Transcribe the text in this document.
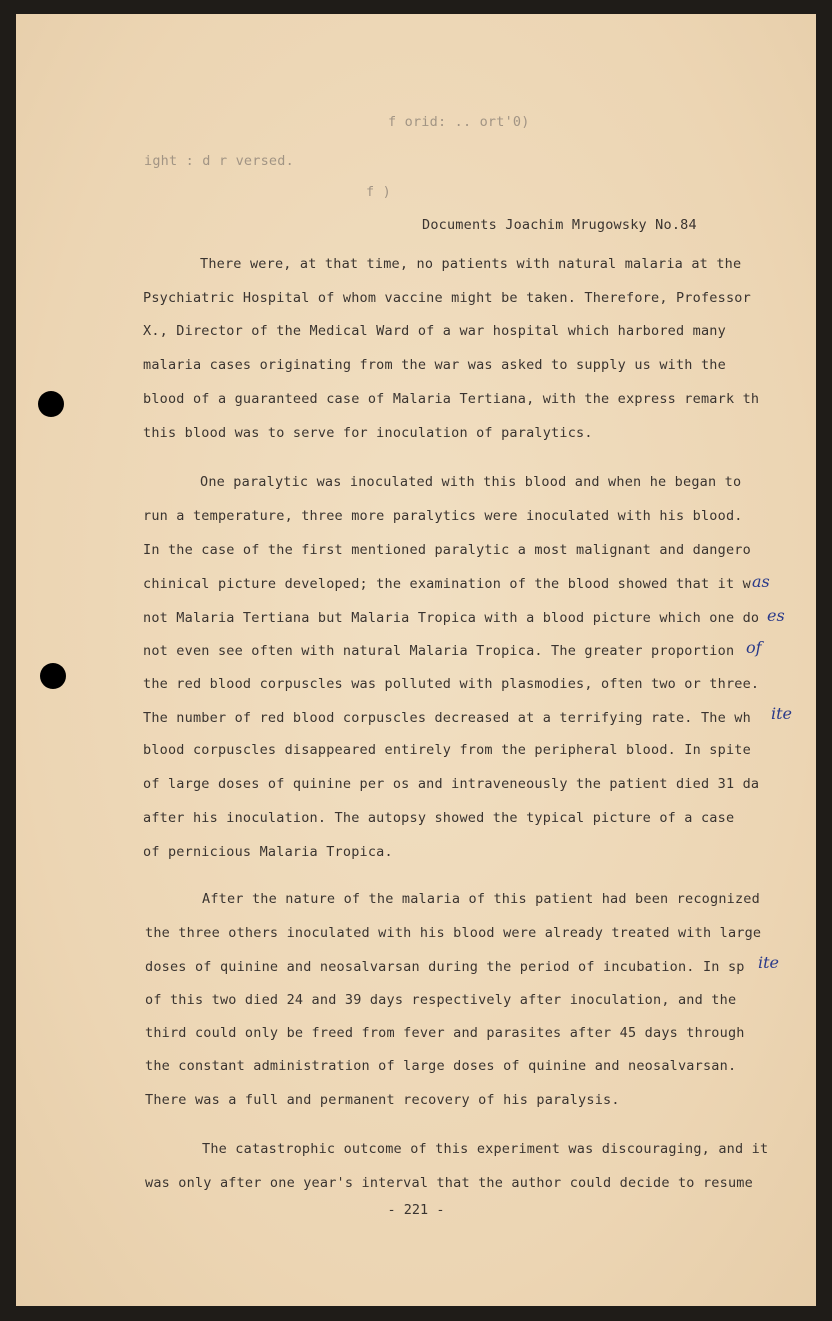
f orid: .. ort'0)
ight : d r versed.
f )
Documents Joachim Mrugowsky No.84
There were, at that time, no patients with natural malaria at the
Psychiatric Hospital of whom vaccine might be taken. Therefore, Professor
X., Director of the Medical Ward of a war hospital which harbored many
malaria cases originating from the war was asked to supply us with the
blood of a guaranteed case of Malaria Tertiana, with the express remark th
this blood was to serve for inoculation of paralytics.
One paralytic was inoculated with this blood and when he began to
run a temperature, three more paralytics were inoculated with his blood.
In the case of the first mentioned paralytic a most malignant and dangero
chinical picture developed; the examination of the blood showed that it w as
not Malaria Tertiana but Malaria Tropica with a blood picture which one do es
not even see often with natural Malaria Tropica. The greater proportion of
the red blood corpuscles was polluted with plasmodies, often two or three.
The number of red blood corpuscles decreased at a terrifying rate. The wh ite
blood corpuscles disappeared entirely from the peripheral blood. In spite
of large doses of quinine per os and intraveneously the patient died 31 da
after his inoculation. The autopsy showed the typical picture of a case
of pernicious Malaria Tropica.
After the nature of the malaria of this patient had been recognized
the three others inoculated with his blood were already treated with large
doses of quinine and neosalvarsan during the period of incubation. In sp ite
of this two died 24 and 39 days respectively after inoculation, and the
third could only be freed from fever and parasites after 45 days through
the constant administration of large doses of quinine and neosalvarsan.
There was a full and permanent recovery of his paralysis.
The catastrophic outcome of this experiment was discouraging, and it
was only after one year's interval that the author could decide to resume
- 221 -
